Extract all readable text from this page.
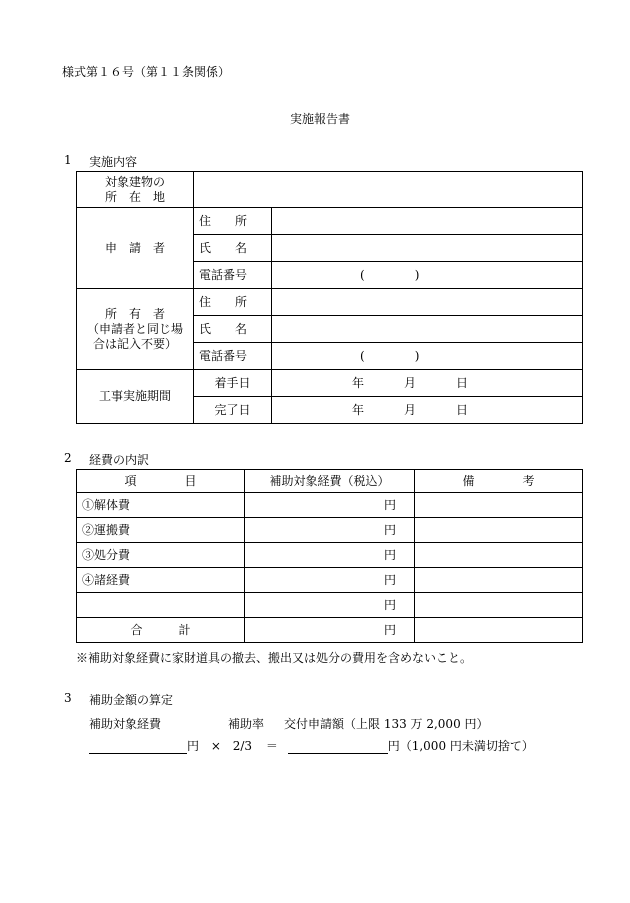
様式第１６号（第１１条関係）
実施報告書
1 実施内容
対象建物の
所　在　地		

申　請　者	住　　所	
	氏　　名	
	電話番号	( )

所　有　者
（申請者と同じ場
合は記入不要）	住　　所	
	氏　　名	
	電話番号	( )
工事実施期間	着手日	年 月 日
	完了日	年 月 日
2 経費の内訳
項　　　　目	補助対象経費（税込）	備　　　　考
①解体費	円	
②運搬費	円	
③処分費	円	
④諸経費	円	
	円	
合　　　計	円	
※補助対象経費に家財道具の撤去、搬出又は処分の費用を含めないこと。
3 補助金額の算定
補助対象経費	補助率 交付申請額（上限 133 万 2,000 円）
円 × 2/3 ＝	円（1,000 円未満切捨て）
